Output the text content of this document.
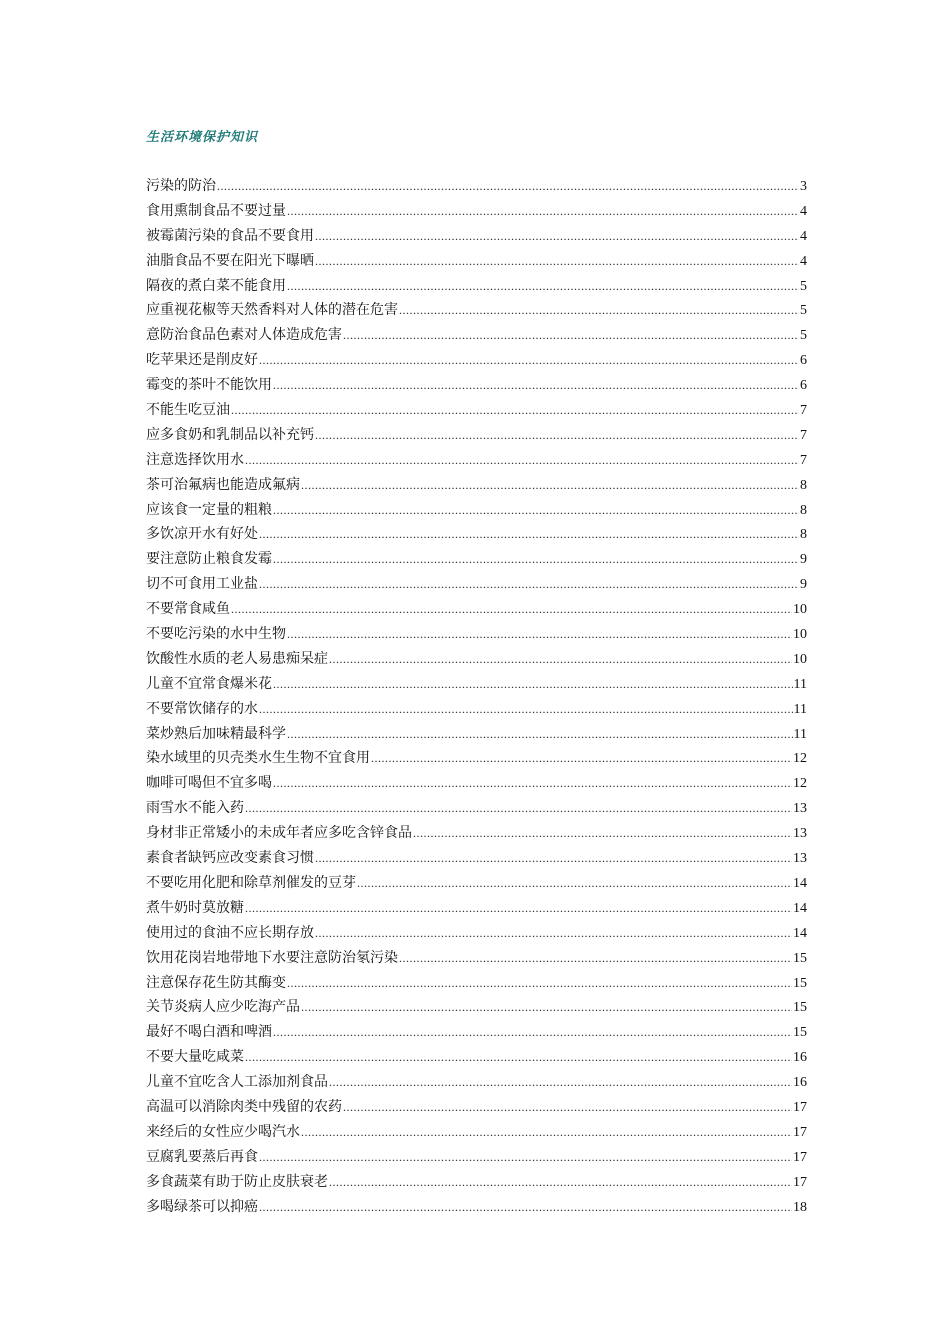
生活环境保护知识
污染的防治 .....	3
食用熏制食品不要过量 .....	4
被霉菌污染的食品不要食用 .....	4
油脂食品不要在阳光下曝晒 .....	4
隔夜的煮白菜不能食用 .....	5
应重视花椒等天然香料对人体的潜在危害 .....	5
意防治食品色素对人体造成危害 .....	5
吃苹果还是削皮好 .....	6
霉变的茶叶不能饮用 .....	6
不能生吃豆油 .....	7
应多食奶和乳制品以补充钙 .....	7
注意选择饮用水 .....	7
茶可治氟病也能造成氟病 .....	8
应该食一定量的粗粮 .....	8
多饮凉开水有好处 .....	8
要注意防止粮食发霉 .....	9
切不可食用工业盐 .....	9
不要常食咸鱼 .....	10
不要吃污染的水中生物 .....	10
饮酸性水质的老人易患痴呆症 .....	10
儿童不宜常食爆米花 .....	11
不要常饮储存的水 .....	11
菜炒熟后加味精最科学 .....	11
染水域里的贝壳类水生生物不宜食用 .....	12
咖啡可喝但不宜多喝 .....	12
雨雪水不能入药 .....	13
身材非正常矮小的未成年者应多吃含锌食品 .....	13
素食者缺钙应改变素食习惯 .....	13
不要吃用化肥和除草剂催发的豆芽 .....	14
煮牛奶时莫放糖 .....	14
使用过的食油不应长期存放 .....	14
饮用花岗岩地带地下水要注意防治氡污染 .....	15
注意保存花生防其酶变 .....	15
关节炎病人应少吃海产品 .....	15
最好不喝白酒和啤酒 .....	15
不要大量吃咸菜 .....	16
儿童不宜吃含人工添加剂食品 .....	16
高温可以消除肉类中残留的农药 .....	17
来经后的女性应少喝汽水 .....	17
豆腐乳要蒸后再食 .....	17
多食蔬菜有助于防止皮肤衰老 .....	17
多喝绿茶可以抑癌 .....	18
